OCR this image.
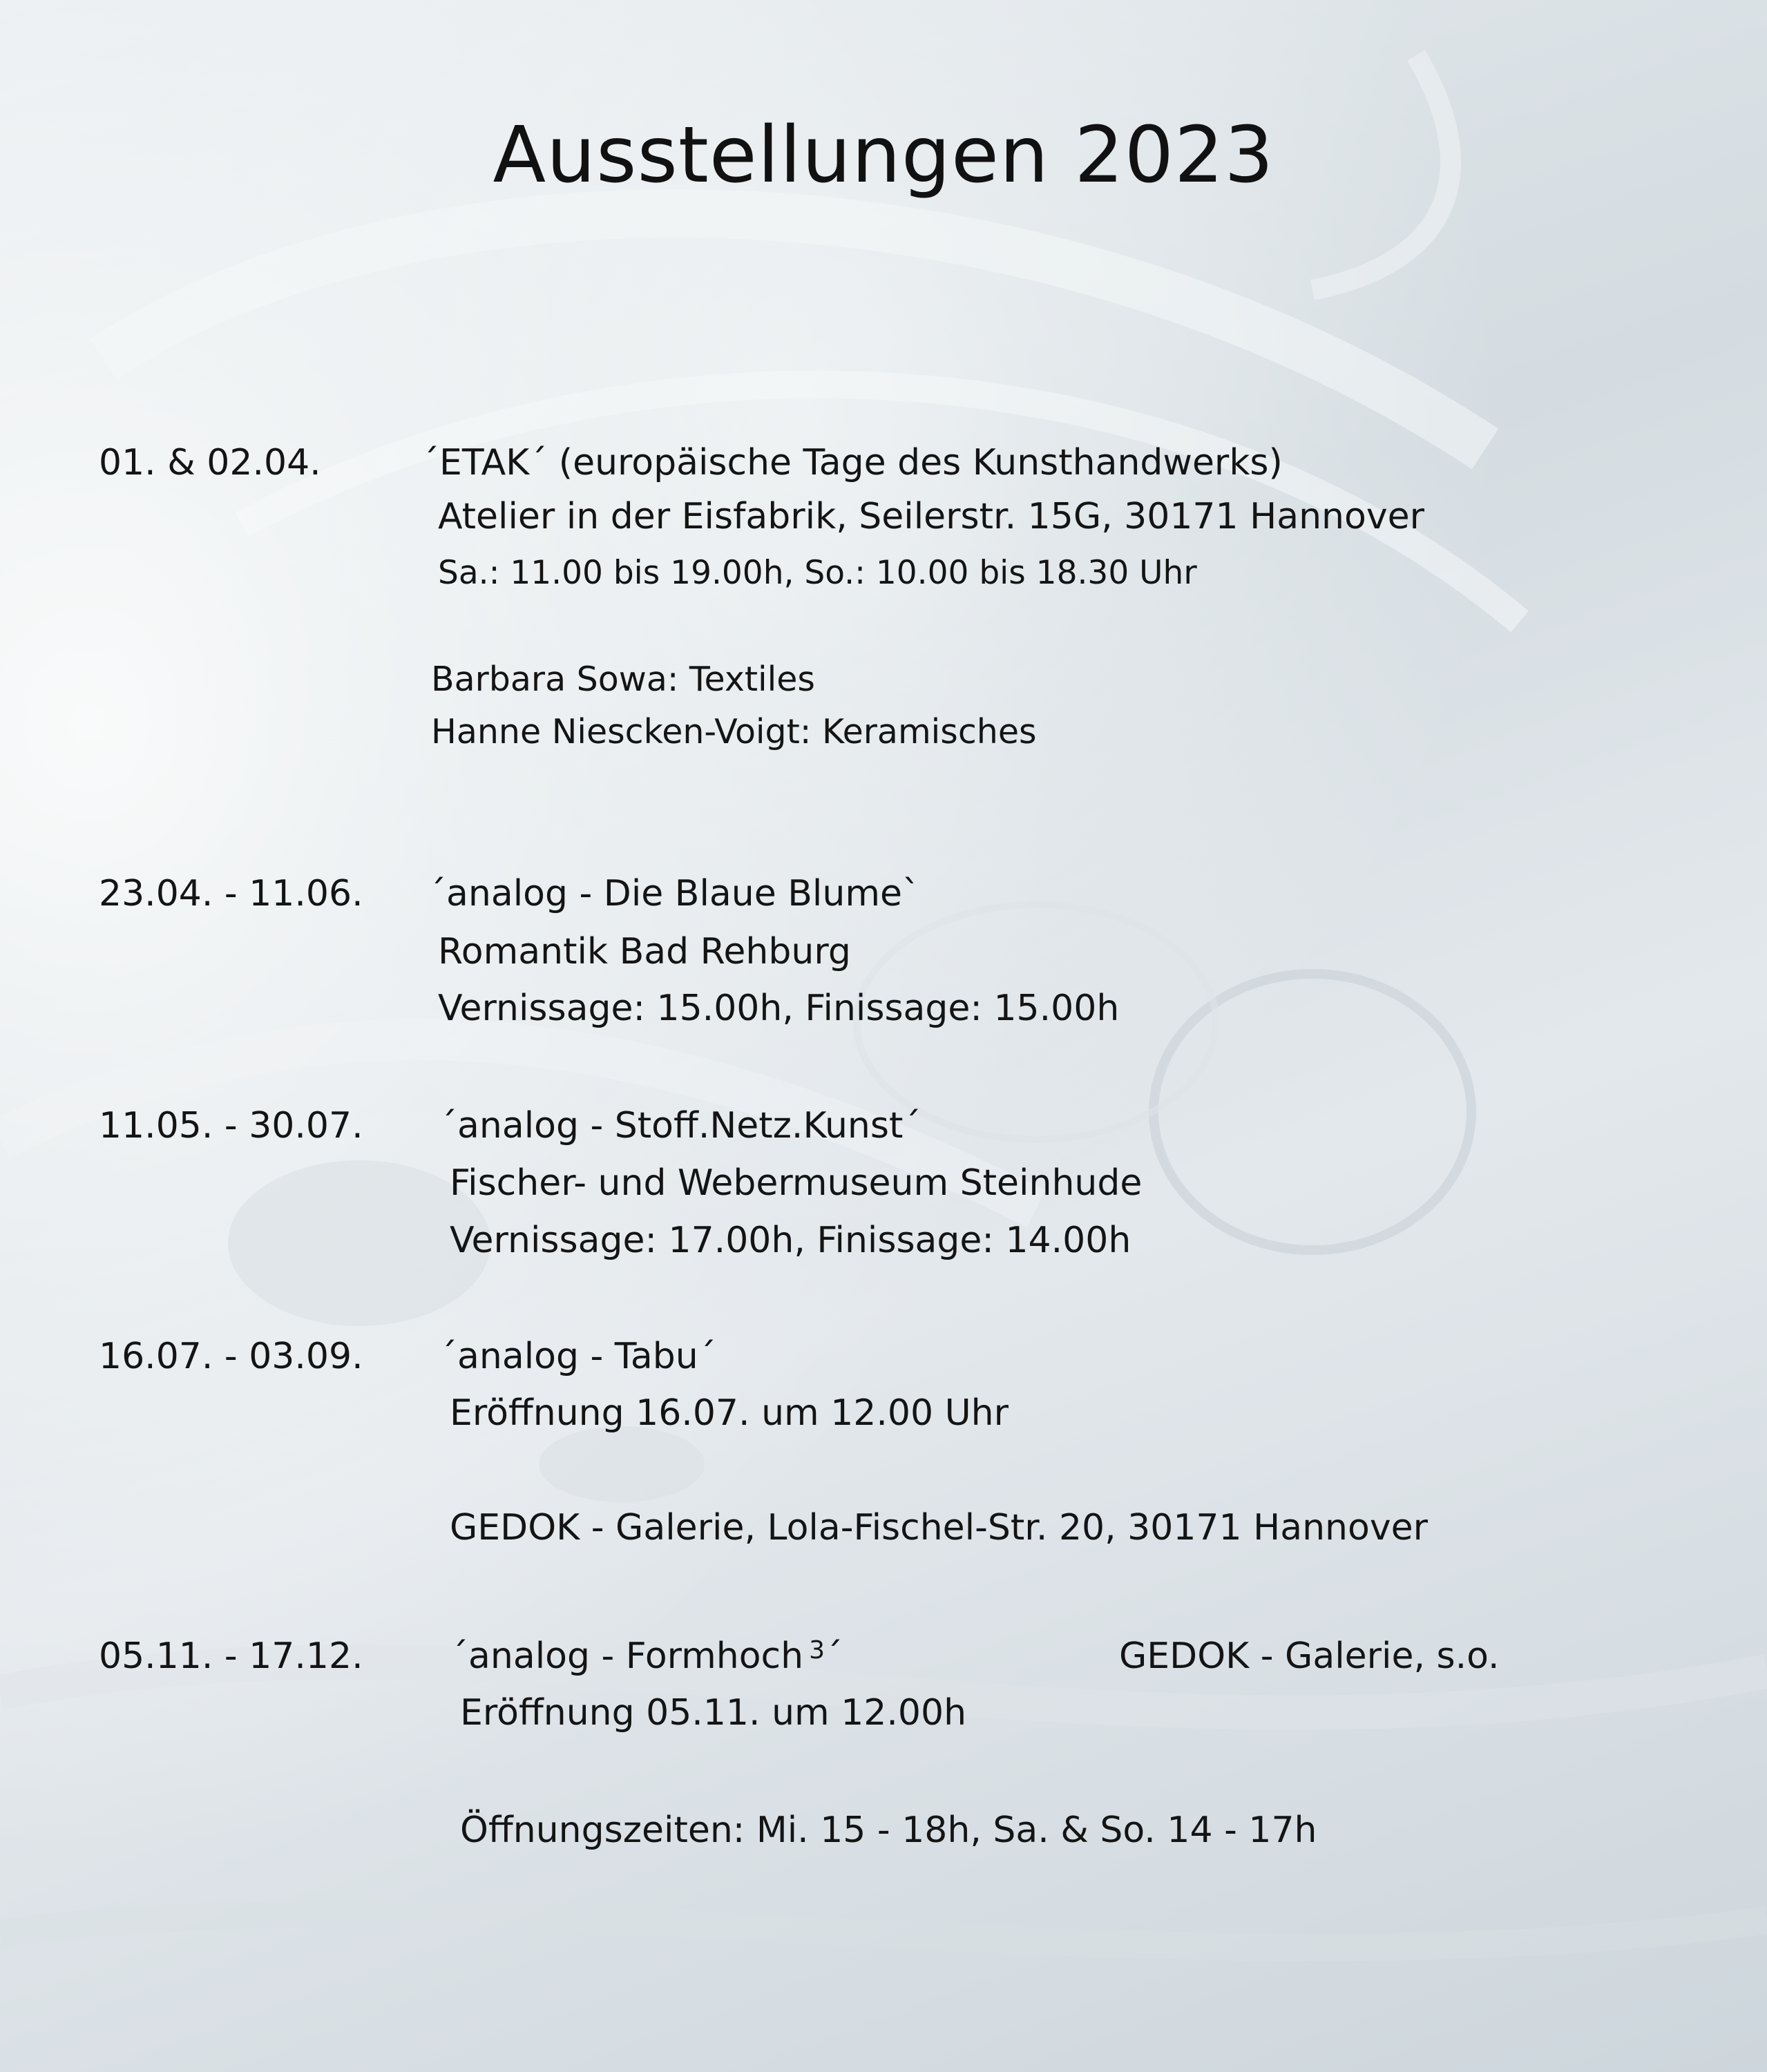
Ausstellungen 2023
01. & 02.04.	´ETAK´ (europäische Tage des Kunsthandwerks)
Atelier in der Eisfabrik, Seilerstr. 15G, 30171 Hannover
Sa.: 11.00 bis 19.00h, So.: 10.00 bis 18.30 Uhr
Barbara Sowa: Textiles
Hanne Niescken-Voigt: Keramisches
23.04. - 11.06. ´analog - Die Blaue Blume`
Romantik Bad Rehburg
Vernissage: 15.00h, Finissage: 15.00h
11.05. - 30.07. ´analog - Stoff.Netz.Kunst´
Fischer- und Webermuseum Steinhude
Vernissage: 17.00h, Finissage: 14.00h
16.07. - 03.09. ´analog - Tabu´
Eröffnung 16.07. um 12.00 Uhr
GEDOK - Galerie, Lola-Fischel-Str. 20, 30171 Hannover
05.11. - 17.12. ´analog - Formhoch $^3$´	GEDOK - Galerie, s.o.
Eröffnung 05.11. um 12.00h
Öffnungszeiten: Mi. 15 - 18h, Sa. & So. 14 - 17h
